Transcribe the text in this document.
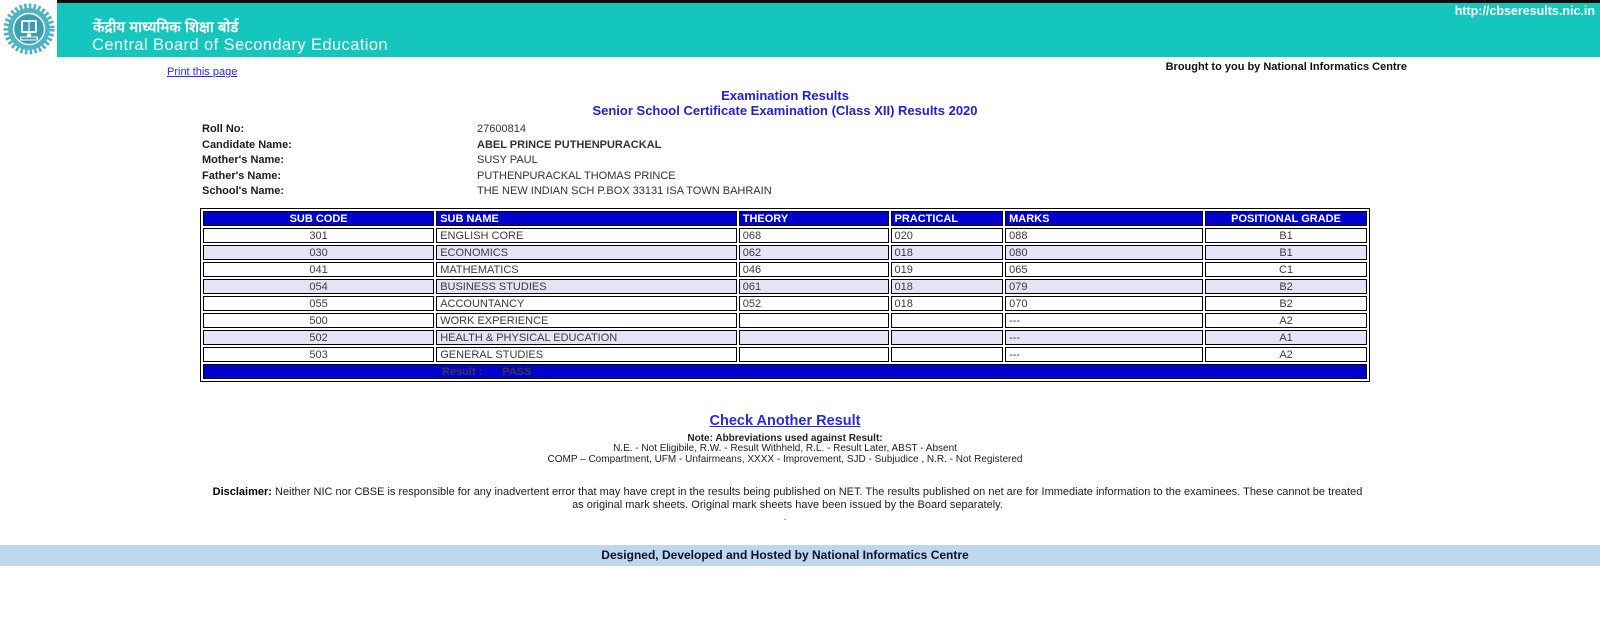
केंद्रीय माध्यमिक शिक्षा बोर्ड
Central Board of Secondary Education
http://cbseresults.nic.in
Brought to you by National Informatics Centre
Print this page
Examination Results
Senior School Certificate Examination (Class XII) Results 2020
Roll No:	27600814
Candidate Name:	ABEL PRINCE PUTHENPURACKAL
Mother's Name:	SUSY PAUL
Father's Name:	PUTHENPURACKAL THOMAS PRINCE
School's Name:	THE NEW INDIAN SCH P.BOX 33131 ISA TOWN BAHRAIN
SUB CODE	SUB NAME	THEORY	PRACTICAL	MARKS	POSITIONAL GRADE
301	ENGLISH CORE	068	020	088	B1
030	ECONOMICS	062	018	080	B1
041	MATHEMATICS	046	019	065	C1
054	BUSINESS STUDIES	061	018	079	B2
055	ACCOUNTANCY	052	018	070	B2
500	WORK EXPERIENCE			---	A2
502	HEALTH & PHYSICAL EDUCATION			---	A1
503	GENERAL STUDIES			---	A2
Result : PASS					
Check Another Result
Note: Abbreviations used against Result:
N.E. - Not Eligibile, R.W. - Result Withheld, R.L. - Result Later, ABST - Absent
COMP – Compartment, UFM - Unfairmeans, XXXX - Improvement, SJD - Subjudice , N.R. - Not Registered
Disclaimer: Neither NIC nor CBSE is responsible for any inadvertent error that may have crept in the results being published on NET. The results published on net are for Immediate information to the examinees. These cannot be treated as original mark sheets. Original mark sheets have been issued by the Board separately.
.
Designed, Developed and Hosted by National Informatics Centre
